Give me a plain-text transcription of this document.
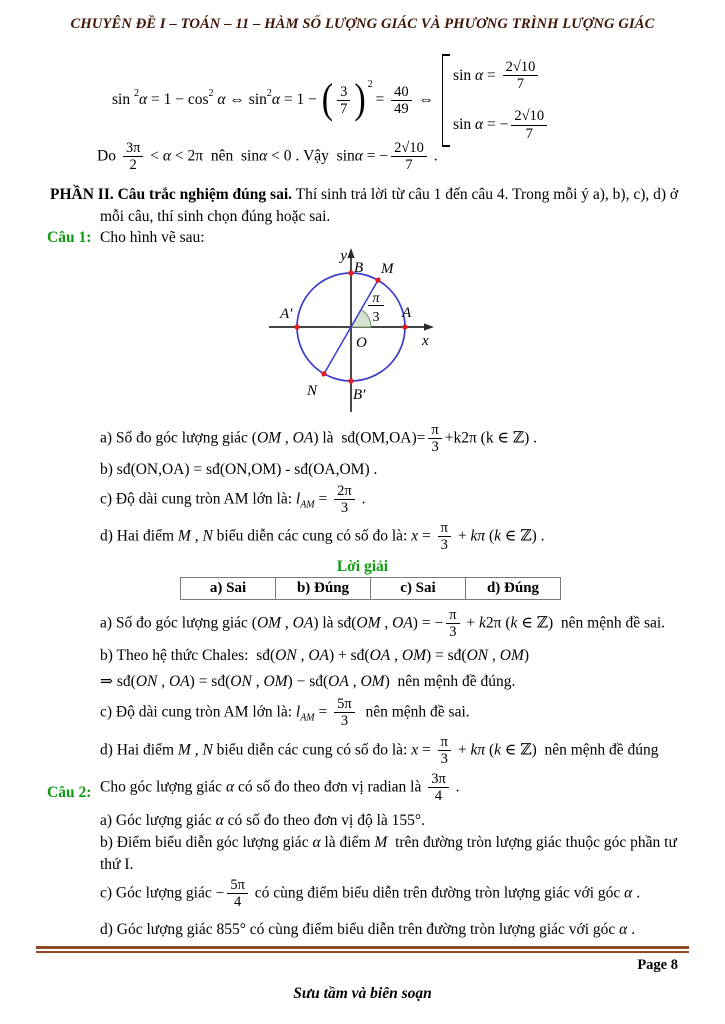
CHUYÊN ĐỀ I – TOÁN – 11 – HÀM SỐ LƯỢNG GIÁC VÀ PHƯƠNG TRÌNH LƯỢNG GIÁC
$\sin ^2\alpha = 1 - \cos^2 \alpha$ ⇔ $\sin^2\alpha = 1$ − ( $\frac{3}{7}$ ) 2
= $\frac{40}{49}$ ⇔
$\sin \alpha = \frac{2√10}{7}$
sin α = − $\frac{2√10}{7}$
Do $\frac{3\pi}{2} < \alpha < 2\pi$  nên  sinα < 0 . Vậy  sinα = − $\frac{2√10}{7}$ .
PHẦN II. Câu trắc nghiệm đúng sai. Thí sinh trả lời từ câu 1 đến câu 4. Trong mỗi ý a), b), c), d) ở mỗi câu, thí sinh chọn đúng hoặc sai.
Câu 1: Cho hình vẽ sau:
y
x
B M
A′	A
O
N B′
π
3
a) Số đo góc lượng giác (OM , OA) là  sđ(OM,OA)= $\frac{\pi}{3} +k2\pi$ (k ∈ ℤ) .
b) sđ(ON,OA) = sđ(ON,OM) - sđ(OA,OM) .
c) Độ dài cung tròn AM lớn là: $l_{AM} = \frac{2\pi}{3}$ .
d) Hai điểm M , N biểu diễn các cung có số đo là: $x = \frac{\pi}{3} + k\pi$ (k ∈ ℤ) .
Lời giải
a) Sai	b) Đúng	c) Sai	d) Đúng
a) Số đo góc lượng giác (OM , OA) là sđ(OM , OA) = − $\frac{\pi}{3} + k2\pi$ (k ∈ ℤ)  nên mệnh đề sai.
b) Theo hệ thức Chales:  sđ(ON , OA) + sđ(OA , OM) = sđ(ON , OM)
⇒ sđ(ON , OA) = sđ(ON , OM) − sđ(OA , OM)  nên mệnh đề đúng.
c) Độ dài cung tròn AM lớn là: $l_{AM} = \frac{5\pi}{3}$ nên mệnh đề sai.
d) Hai điểm M , N biểu diễn các cung có số đo là: $x = \frac{\pi}{3} + k\pi$ (k ∈ ℤ)  nên mệnh đề đúng
Câu 2: Cho góc lượng giác α có số đo theo đơn vị radian là $\frac{3\pi}{4}$ .
a) Góc lượng giác α có số đo theo đơn vị độ là 155°.
b) Điểm biểu diễn góc lượng giác α là điểm M  trên đường tròn lượng giác thuộc góc phần tư thứ I.
c) Góc lượng giác − $\frac{5\pi}{4}$ có cùng điểm biểu diễn trên đường tròn lượng giác với góc α .
d) Góc lượng giác 855° có cùng điểm biểu diễn trên đường tròn lượng giác với góc α .
Page 8
Sưu tầm và biên soạn
